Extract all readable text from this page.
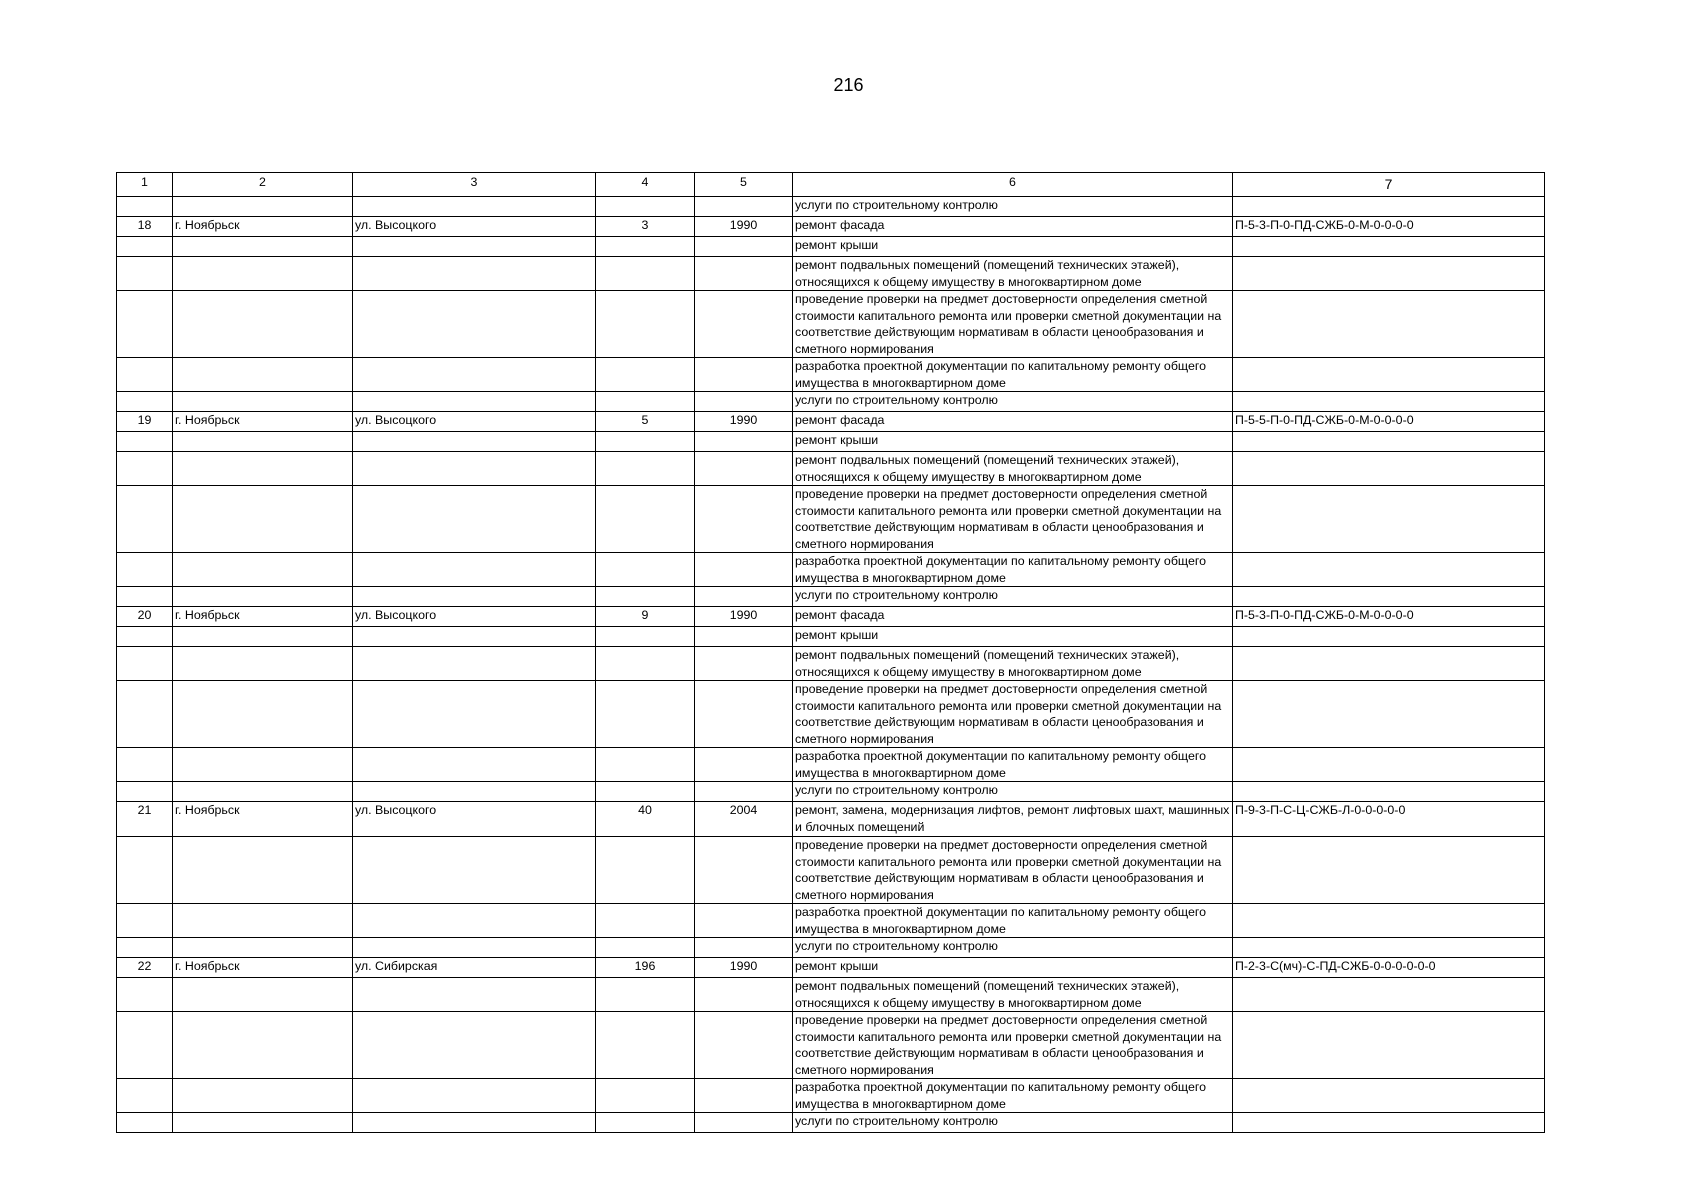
216
1	2	3	4	5	6	7
					услуги по строительному контролю	
18	г. Ноябрьск	ул. Высоцкого	3	1990	ремонт фасада	П-5-3-П-0-ПД-СЖБ-0-М-0-0-0-0
					ремонт крыши	
					ремонт подвальных помещений (помещений технических этажей), относящихся к общему имуществу в многоквартирном доме	
					проведение проверки на предмет достоверности определения сметной стоимости капитального ремонта или проверки сметной документации на соответствие действующим нормативам в области ценообразования и сметного нормирования	
					разработка проектной документации по капитальному ремонту общего имущества в многоквартирном доме	
					услуги по строительному контролю	
19	г. Ноябрьск	ул. Высоцкого	5	1990	ремонт фасада	П-5-5-П-0-ПД-СЖБ-0-М-0-0-0-0
					ремонт крыши	
					ремонт подвальных помещений (помещений технических этажей), относящихся к общему имуществу в многоквартирном доме	
					проведение проверки на предмет достоверности определения сметной стоимости капитального ремонта или проверки сметной документации на соответствие действующим нормативам в области ценообразования и сметного нормирования	
					разработка проектной документации по капитальному ремонту общего имущества в многоквартирном доме	
					услуги по строительному контролю	
20	г. Ноябрьск	ул. Высоцкого	9	1990	ремонт фасада	П-5-3-П-0-ПД-СЖБ-0-М-0-0-0-0
					ремонт крыши	
					ремонт подвальных помещений (помещений технических этажей), относящихся к общему имуществу в многоквартирном доме	
					проведение проверки на предмет достоверности определения сметной стоимости капитального ремонта или проверки сметной документации на соответствие действующим нормативам в области ценообразования и сметного нормирования	
					разработка проектной документации по капитальному ремонту общего имущества в многоквартирном доме	
					услуги по строительному контролю	
21	г. Ноябрьск	ул. Высоцкого	40	2004	ремонт, замена, модернизация лифтов, ремонт лифтовых шахт, машинных и блочных помещений	П-9-3-П-С-Ц-СЖБ-Л-0-0-0-0-0
					проведение проверки на предмет достоверности определения сметной стоимости капитального ремонта или проверки сметной документации на соответствие действующим нормативам в области ценообразования и сметного нормирования	
					разработка проектной документации по капитальному ремонту общего имущества в многоквартирном доме	
					услуги по строительному контролю	
22	г. Ноябрьск	ул. Сибирская	196	1990	ремонт крыши	П-2-3-С(мч)-С-ПД-СЖБ-0-0-0-0-0-0
					ремонт подвальных помещений (помещений технических этажей), относящихся к общему имуществу в многоквартирном доме	
					проведение проверки на предмет достоверности определения сметной стоимости капитального ремонта или проверки сметной документации на соответствие действующим нормативам в области ценообразования и сметного нормирования	
					разработка проектной документации по капитальному ремонту общего имущества в многоквартирном доме	
					услуги по строительному контролю	
